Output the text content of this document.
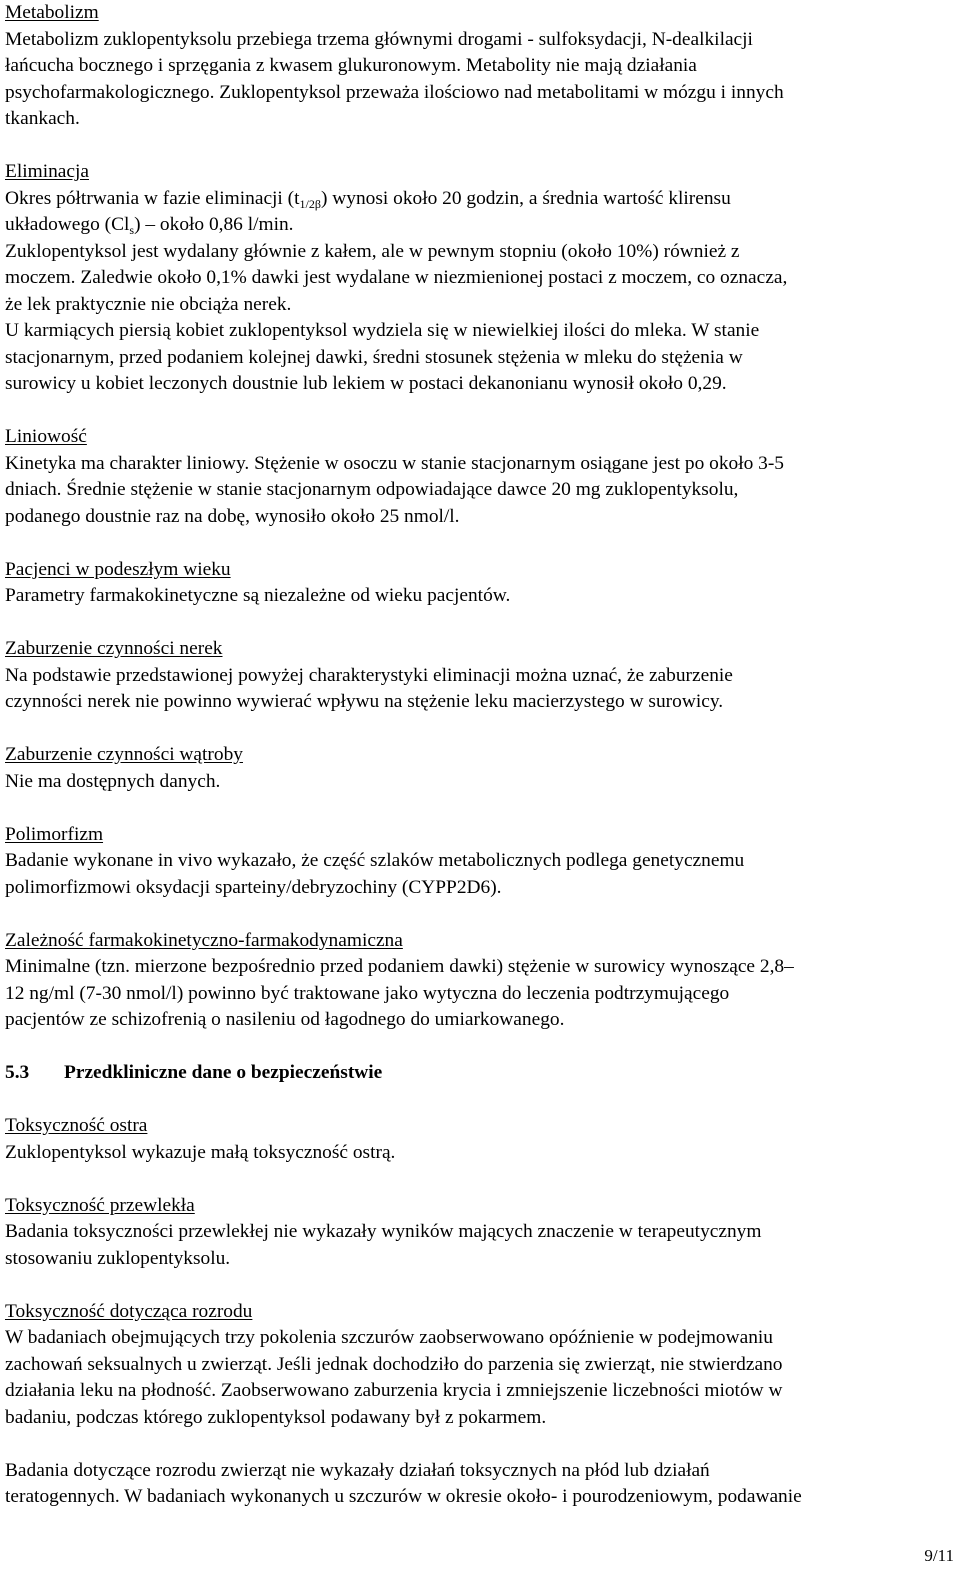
Metabolizm
Metabolizm zuklopentyksolu przebiega trzema głównymi drogami - sulfoksydacji, N-dealkilacji
łańcucha bocznego i sprzęgania z kwasem glukuronowym. Metabolity nie mają działania
psychofarmakologicznego. Zuklopentyksol przeważa ilościowo nad metabolitami w mózgu i innych
tkankach.
Eliminacja
Okres półtrwania w fazie eliminacji $(t_{1/2\beta})$ wynosi około 20 godzin, a średnia wartość klirensu
układowego $(Cl_s)$ – około 0,86 l/min.
Zuklopentyksol jest wydalany głównie z kałem, ale w pewnym stopniu (około 10%) również z
moczem. Zaledwie około 0,1% dawki jest wydalane w niezmienionej postaci z moczem, co oznacza,
że lek praktycznie nie obciąża nerek.
U karmiących piersią kobiet zuklopentyksol wydziela się w niewielkiej ilości do mleka. W stanie
stacjonarnym, przed podaniem kolejnej dawki, średni stosunek stężenia w mleku do stężenia w
surowicy u kobiet leczonych doustnie lub lekiem w postaci dekanonianu wynosił około 0,29.
Liniowość
Kinetyka ma charakter liniowy. Stężenie w osoczu w stanie stacjonarnym osiągane jest po około 3-5
dniach. Średnie stężenie w stanie stacjonarnym odpowiadające dawce 20 mg zuklopentyksolu,
podanego doustnie raz na dobę, wynosiło około 25 nmol/l.
Pacjenci w podeszłym wieku
Parametry farmakokinetyczne są niezależne od wieku pacjentów.
Zaburzenie czynności nerek
Na podstawie przedstawionej powyżej charakterystyki eliminacji można uznać, że zaburzenie
czynności nerek nie powinno wywierać wpływu na stężenie leku macierzystego w surowicy.
Zaburzenie czynności wątroby
Nie ma dostępnych danych.
Polimorfizm
Badanie wykonane in vivo wykazało, że część szlaków metabolicznych podlega genetycznemu
polimorfizmowi oksydacji sparteiny/debryzochiny (CYPP2D6).
Zależność farmakokinetyczno-farmakodynamiczna
Minimalne (tzn. mierzone bezpośrednio przed podaniem dawki) stężenie w surowicy wynoszące 2,8–
12 ng/ml (7-30 nmol/l) powinno być traktowane jako wytyczna do leczenia podtrzymującego
pacjentów ze schizofrenią o nasileniu od łagodnego do umiarkowanego.
5.3 Przedkliniczne dane o bezpieczeństwie
Toksyczność ostra
Zuklopentyksol wykazuje małą toksyczność ostrą.
Toksyczność przewlekła
Badania toksyczności przewlekłej nie wykazały wyników mających znaczenie w terapeutycznym
stosowaniu zuklopentyksolu.
Toksyczność dotycząca rozrodu
W badaniach obejmujących trzy pokolenia szczurów zaobserwowano opóźnienie w podejmowaniu
zachowań seksualnych u zwierząt. Jeśli jednak dochodziło do parzenia się zwierząt, nie stwierdzano
działania leku na płodność. Zaobserwowano zaburzenia krycia i zmniejszenie liczebności miotów w
badaniu, podczas którego zuklopentyksol podawany był z pokarmem.
Badania dotyczące rozrodu zwierząt nie wykazały działań toksycznych na płód lub działań
teratogennych. W badaniach wykonanych u szczurów w okresie około- i pourodzeniowym, podawanie
9/11
